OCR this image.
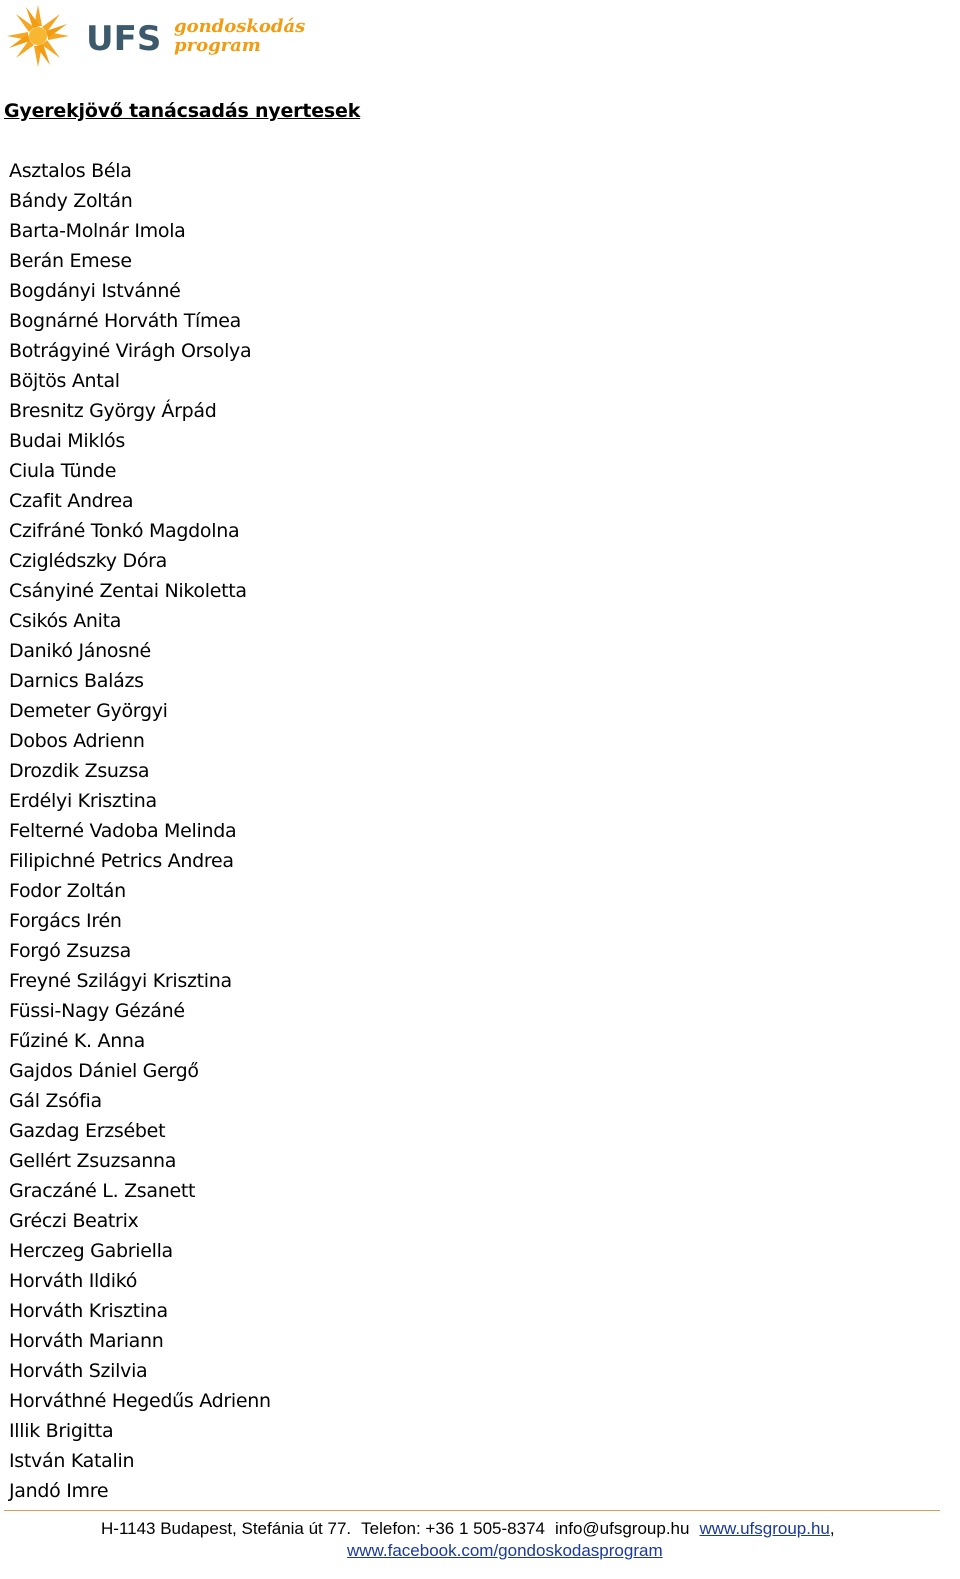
UFS gondoskodás
program
Gyerekjövő tanácsadás nyertesek
Asztalos Béla
Bándy Zoltán
Barta-Molnár Imola
Berán Emese
Bogdányi Istvánné
Bognárné Horváth Tímea
Botrágyiné Virágh Orsolya
Böjtös Antal
Bresnitz György Árpád
Budai Miklós
Ciula Tünde
Czafit Andrea
Czifráné Tonkó Magdolna
Cziglédszky Dóra
Csányiné Zentai Nikoletta
Csikós Anita
Danikó Jánosné
Darnics Balázs
Demeter Györgyi
Dobos Adrienn
Drozdik Zsuzsa
Erdélyi Krisztina
Felterné Vadoba Melinda
Filipichné Petrics Andrea
Fodor Zoltán
Forgács Irén
Forgó Zsuzsa
Freyné Szilágyi Krisztina
Füssi-Nagy Gézáné
Fűziné K. Anna
Gajdos Dániel Gergő
Gál Zsófia
Gazdag Erzsébet
Gellért Zsuzsanna
Graczáné L. Zsanett
Gréczi Beatrix
Herczeg Gabriella
Horváth Ildikó
Horváth Krisztina
Horváth Mariann
Horváth Szilvia
Horváthné Hegedűs Adrienn
Illik Brigitta
István Katalin
Jandó Imre
H-1143 Budapest, Stefánia út 77. Telefon: +36 1 505-8374 info@ufsgroup.hu www.ufsgroup.hu,
www.facebook.com/gondoskodasprogram
